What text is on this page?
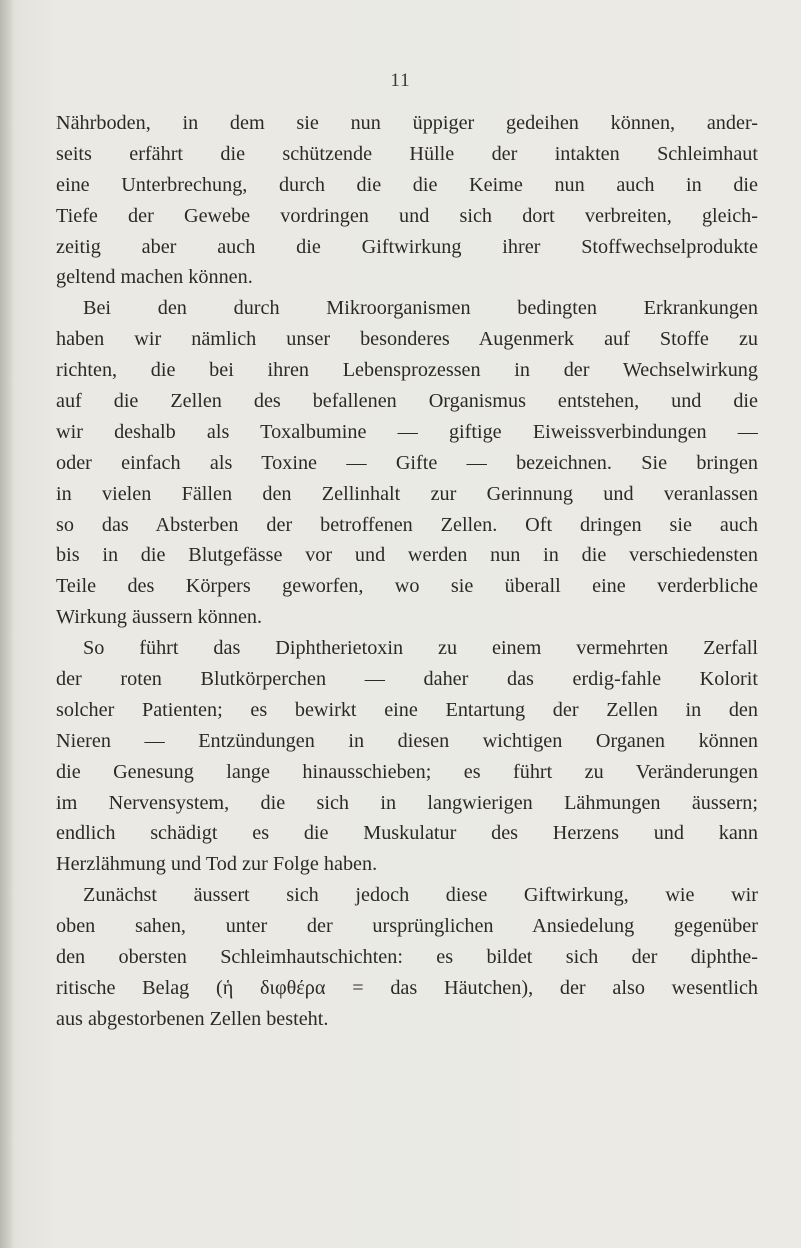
11
Nährboden, in dem sie nun üppiger gedeihen können, ander-
seits erfährt die schützende Hülle der intakten Schleimhaut
eine Unterbrechung, durch die die Keime nun auch in die
Tiefe der Gewebe vordringen und sich dort verbreiten, gleich-
zeitig aber auch die Giftwirkung ihrer Stoffwechselprodukte
geltend machen können.
Bei den durch Mikroorganismen bedingten Erkrankungen
haben wir nämlich unser besonderes Augenmerk auf Stoffe zu
richten, die bei ihren Lebensprozessen in der Wechselwirkung
auf die Zellen des befallenen Organismus entstehen, und die
wir deshalb als Toxalbumine — giftige Eiweissverbindungen —
oder einfach als Toxine — Gifte — bezeichnen. Sie bringen
in vielen Fällen den Zellinhalt zur Gerinnung und veranlassen
so das Absterben der betroffenen Zellen. Oft dringen sie auch
bis in die Blutgefässe vor und werden nun in die verschiedensten
Teile des Körpers geworfen, wo sie überall eine verderbliche
Wirkung äussern können.
So führt das Diphtherietoxin zu einem vermehrten Zerfall
der roten Blutkörperchen — daher das erdig-fahle Kolorit
solcher Patienten; es bewirkt eine Entartung der Zellen in den
Nieren — Entzündungen in diesen wichtigen Organen können
die Genesung lange hinausschieben; es führt zu Veränderungen
im Nervensystem, die sich in langwierigen Lähmungen äussern;
endlich schädigt es die Muskulatur des Herzens und kann
Herzlähmung und Tod zur Folge haben.
Zunächst äussert sich jedoch diese Giftwirkung, wie wir
oben sahen, unter der ursprünglichen Ansiedelung gegenüber
den obersten Schleimhautschichten: es bildet sich der diphthe-
ritische Belag (ἡ διφθέρα = das Häutchen), der also wesentlich
aus abgestorbenen Zellen besteht.
